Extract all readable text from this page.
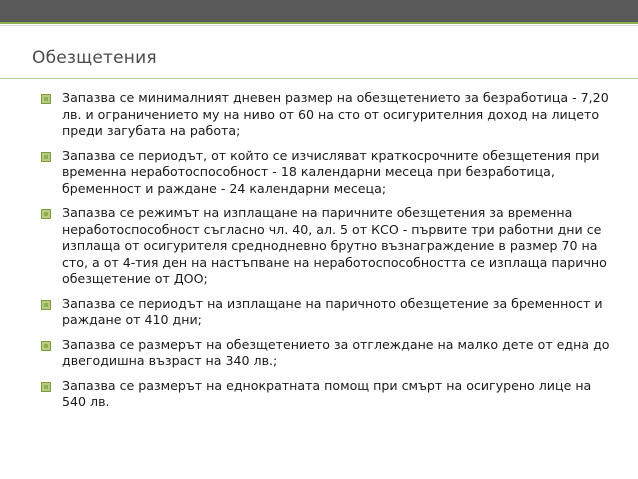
Обезщетения
Запазва се минималният дневен размер на обезщетението за безработица - 7,20 лв. и ограничението му на ниво от 60 на сто от осигурителния доход на лицето преди загубата на работа;
Запазва се периодът, от който се изчисляват краткосрочните обезщетения при временна неработоспособност - 18 календарни месеца при безработица, бременност и раждане - 24 календарни месеца;
Запазва се режимът на изплащане на паричните обезщетения за временна неработоспособност съгласно чл. 40, ал. 5 от КСО - първите три работни дни се изплаща от осигурителя среднодневно брутно възнаграждение в размер 70 на сто, а от 4-тия ден на настъпване на неработоспособността се изплаща парично обезщетение от ДОО;
Запазва се периодът на изплащане на паричното обезщетение за бременност и раждане от 410 дни;
Запазва се размерът на обезщетението за отглеждане на малко дете от една до двегодишна възраст на 340 лв.;
Запазва се размерът на еднократната помощ при смърт на осигурено лице на 540 лв.
